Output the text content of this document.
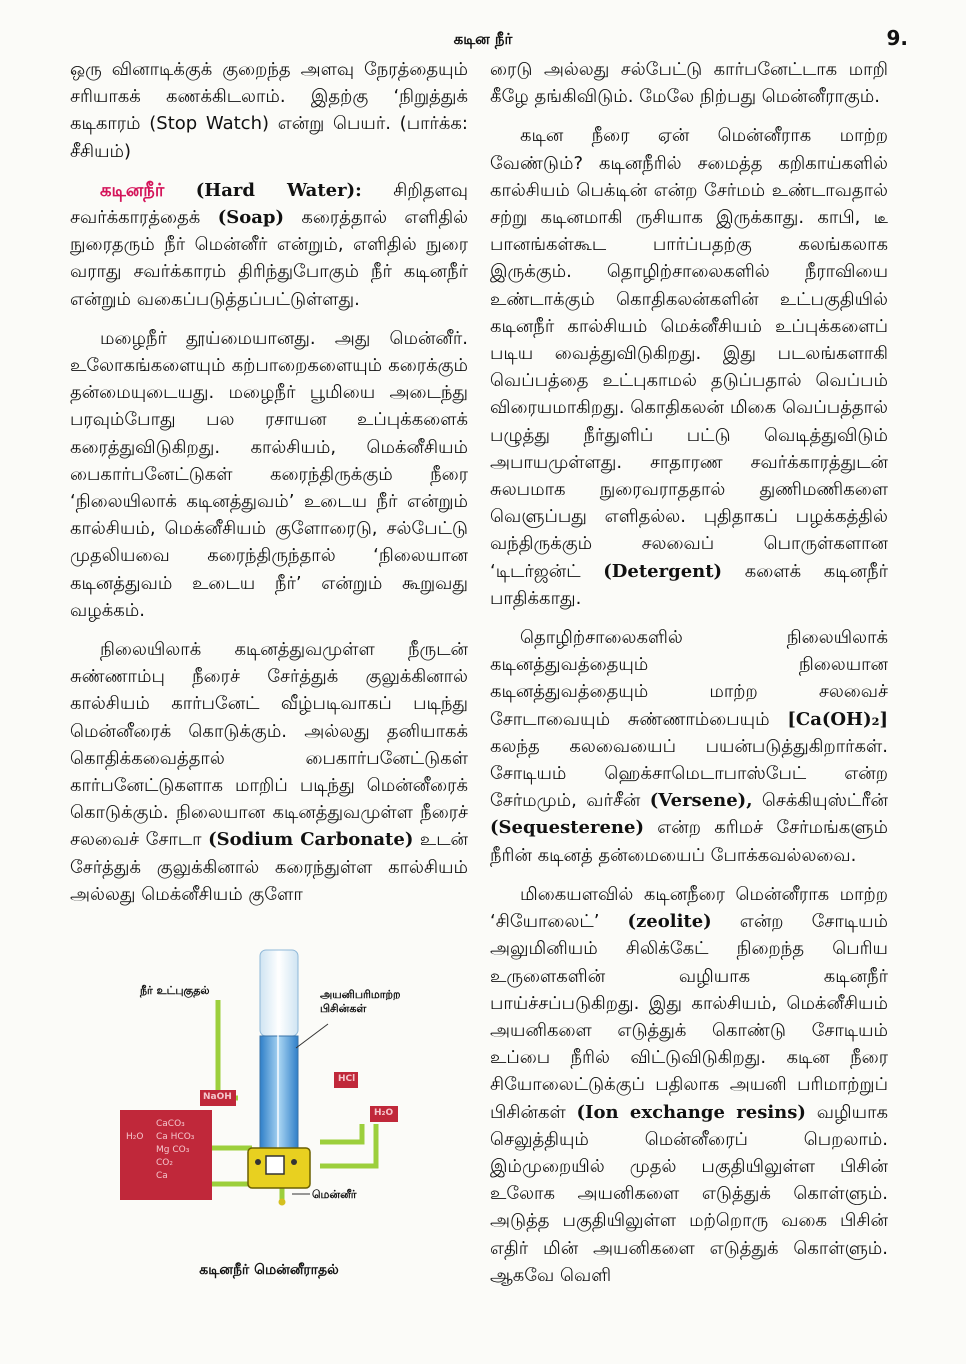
கடின நீர்	9.

ஒரு வினாடிக்குக் குறைந்த அளவு நேரத்தையும் சரியாகக் கணக்கிடலாம். இதற்கு ‘நிறுத்துக் கடிகாரம் (Stop Watch) என்று பெயர். (பார்க்க: சீசியம்)

கடினநீர் (Hard Water): சிறிதளவு சவர்க்காரத்தைக் (Soap) கரைத்தால் எளிதில் நுரைதரும் நீர் மென்னீர் என்றும், எளிதில் நுரை வராது சவர்க்காரம் திரிந்துபோகும் நீர் கடினநீர் என்றும் வகைப்படுத்தப்பட்டுள்ளது.

மழைநீர் தூய்மையானது. அது மென்னீர். உலோகங்களையும் கற்பாறைகளையும் கரைக்கும் தன்மையுடையது. மழைநீர் பூமியை அடைந்து பரவும்போது பல ரசாயன உப்புக்களைக் கரைத்துவிடுகிறது. கால்சியம், மெக்னீசியம் பைகார்பனேட்டுகள் கரைந்திருக்கும் நீரை ‘நிலையிலாக் கடினத்துவம்’ உடைய நீர் என்றும் கால்சியம், மெக்னீசியம் குளோரைடு, சல்பேட்டு முதலியவை கரைந்திருந்தால் ‘நிலையான கடினத்துவம் உடைய நீர்’ என்றும் கூறுவது வழக்கம்.

நிலையிலாக் கடினத்துவமுள்ள நீருடன் சுண்ணாம்பு நீரைச் சேர்த்துக் குலுக்கினால் கால்சியம் கார்பனேட் வீழ்படிவாகப் படிந்து மென்னீரைக் கொடுக்கும். அல்லது தனியாகக் கொதிக்கவைத்தால் பைகார்பனேட்டுகள் கார்பனேட்டுகளாக மாறிப் படிந்து மென்னீரைக் கொடுக்கும். நிலையான கடினத்துவமுள்ள நீரைச் சலவைச் சோடா (Sodium Carbonate) உடன் சேர்த்துக் குலுக்கினால் கரைந்துள்ள கால்சியம் அல்லது மெக்னீசியம் குளோ

ரைடு அல்லது சல்பேட்டு கார்பனேட்டாக மாறி கீழே தங்கிவிடும். மேலே நிற்பது மென்னீராகும்.

கடின நீரை ஏன் மென்னீராக மாற்ற வேண்டும்? கடினநீரில் சமைத்த கறிகாய்களில் கால்சியம் பெக்டின் என்ற சேர்மம் உண்டாவதால் சற்று கடினமாகி ருசியாக இருக்காது. காபி, டீ பானங்கள்கூட பார்ப்பதற்கு கலங்கலாக இருக்கும். தொழிற்சாலைகளில் நீராவியை உண்டாக்கும் கொதிகலன்களின் உட்பகுதியில் கடினநீர் கால்சியம் மெக்னீசியம் உப்புக்களைப் படிய வைத்துவிடுகிறது. இது படலங்களாகி வெப்பத்தை உட்புகாமல் தடுப்பதால் வெப்பம் விரையமாகிறது. கொதிகலன் மிகை வெப்பத்தால் பழுத்து நீர்துளிப் பட்டு வெடித்துவிடும் அபாயமுள்ளது. சாதாரண சவர்க்காரத்துடன் சுலபமாக நுரைவராததால் துணிமணிகளை வெளுப்பது எளிதல்ல. புதிதாகப் பழக்கத்தில் வந்திருக்கும் சலவைப் பொருள்களான ‘டிடர்ஜன்ட் (Detergent) களைக் கடினநீர் பாதிக்காது.

தொழிற்சாலைகளில் நிலையிலாக் கடினத்துவத்தையும் நிலையான கடினத்துவத்தையும் மாற்ற சலவைச் சோடாவையும் சுண்ணாம்பையும் [Ca(OH)₂] கலந்த கலவையைப் பயன்படுத்துகிறார்கள். சோடியம் ஹெக்சாமெடாபாஸ்பேட் என்ற சேர்மமும், வர்சீன் (Versene), செக்கியுஸ்ட்ரீன் (Sequesterene) என்ற கரிமச் சேர்மங்களும் நீரின் கடினத் தன்மையைப் போக்கவல்லவை.

மிகையளவில் கடினநீரை மென்னீராக மாற்ற ‘சியோலைட்’ (zeolite) என்ற சோடியம் அலுமினியம் சிலிக்கேட் நிறைந்த பெரிய உருளைகளின் வழியாக கடினநீர் பாய்ச்சப்படுகிறது. இது கால்சியம், மெக்னீசியம் அயனிகளை எடுத்துக் கொண்டு சோடியம் உப்பை நீரில் விட்டுவிடுகிறது. கடின நீரை சியோலைட்டுக்குப் பதிலாக அயனி பரிமாற்றுப் பிசின்கள் (Ion exchange resins) வழியாக செலுத்தியும் மென்னீரைப் பெறலாம். இம்முறையில் முதல் பகுதியிலுள்ள பிசின் உலோக அயனிகளை எடுத்துக் கொள்ளும். அடுத்த பகுதியிலுள்ள மற்றொரு வகை பிசின் எதிர் மின் அயனிகளை எடுத்துக் கொள்ளும். ஆகவே வெளி

நீர் உட்புகுதல்	அயனிபரிமாற்ற பிசின்கள்
மென்னீர்
CaCO₃
Ca HCO₃
Mg CO₃
H₂O
CO₂
Ca
NaOH
HCl
H₂O
கடினநீர் மென்னீராதல்
